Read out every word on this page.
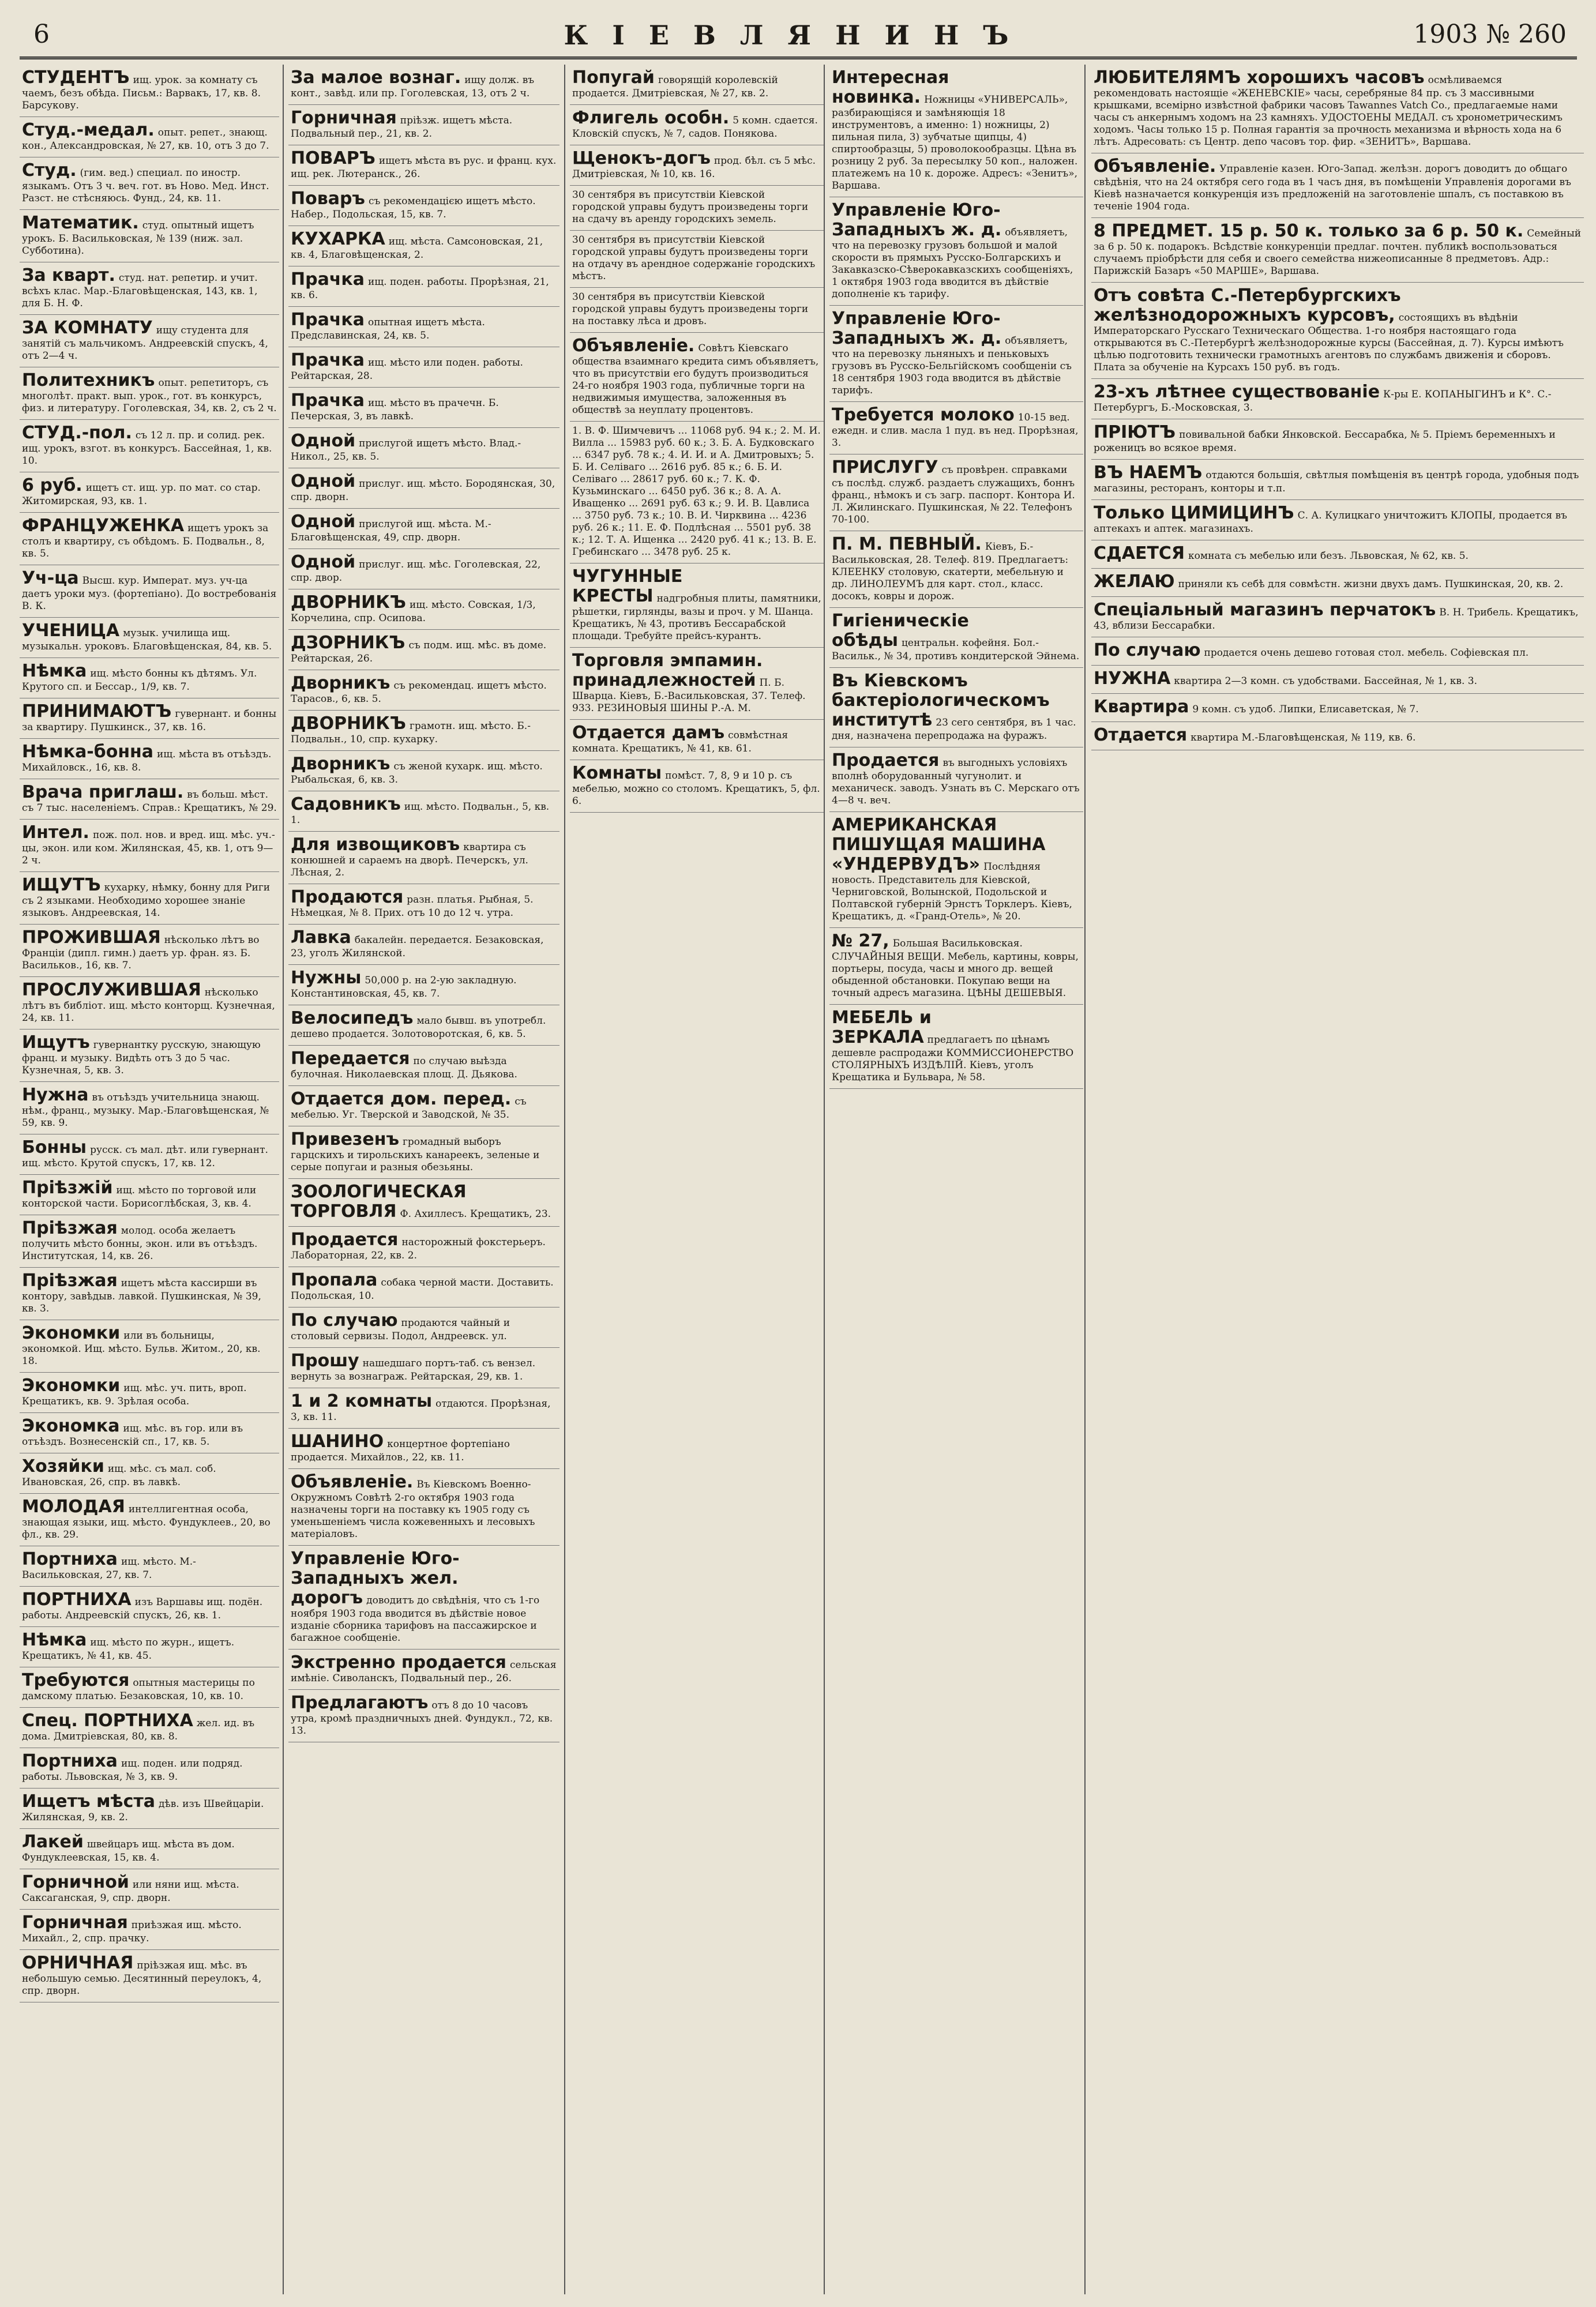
6	КІЕВЛЯНИНЪ	1903 № 260
СТУДЕНТЪ ищ. урок. за комнату съ чаемъ, безъ обѣда. Письм.: Варвакъ, 17, кв. 8. Барсукову.
Студ.-медал. опыт. репет., знающ. кон., Александровская, № 27, кв. 10, отъ 3 до 7.
Студ. (гим. вед.) специал. по иностр. языкамъ. Отъ 3 ч. веч. гот. въ Ново. Мед. Инст. Разст. не стѣсняюсь. Фунд., 24, кв. 11.
Математик. студ. опытный ищетъ урокъ. Б. Васильковская, № 139 (ниж. зал. Субботина).
За кварт. студ. нат. репетир. и учит. всѣхъ клас. Мар.-Благовѣщенская, 143, кв. 1, для Б. Н. Ф.
ЗА КОМНАТУ ищу студента для занятій съ мальчикомъ. Андреевскій спускъ, 4, отъ 2—4 ч.
Политехникъ опыт. репетиторъ, съ многолѣт. практ. вып. урок., гот. въ конкурсъ, физ. и литературу. Гоголевская, 34, кв. 2, съ 2 ч.
СТУД.-пол. съ 12 л. пр. и солид. рек. ищ. урокъ, взгот. въ конкурсъ. Бассейная, 1, кв. 10.
6 руб. ищетъ ст. ищ. ур. по мат. со стар. Житомирская, 93, кв. 1.
ФРАНЦУЖЕНКА ищетъ урокъ за столъ и квартиру, съ обѣдомъ. Б. Подвальн., 8, кв. 5.
Уч-ца Высш. кур. Императ. муз. уч-ца даетъ уроки муз. (фортепіано). До востребованія В. К.
УЧЕНИЦА музык. училища ищ. музыкальн. уроковъ. Благовѣщенская, 84, кв. 5.
Нѣмка ищ. мѣсто бонны къ дѣтямъ. Ул. Крутого сп. и Бессар., 1/9, кв. 7.
ПРИНИМАЮТЪ гувернант. и бонны за квартиру. Пушкинск., 37, кв. 16.
Нѣмка-бонна ищ. мѣста въ отъѣздъ. Михайловск., 16, кв. 8.
Врача приглаш. въ больш. мѣст. съ 7 тыс. населеніемъ. Справ.: Крещатикъ, № 29.
Интел. пож. пол. нов. и вред. ищ. мѣс. уч.-цы, экон. или ком. Жилянская, 45, кв. 1, отъ 9—2 ч.
ИЩУТЪ кухарку, нѣмку, боннy для Риги съ 2 языками. Необходимо хорошее знаніе языковъ. Андреевская, 14.
ПРОЖИВШАЯ нѣсколько лѣтъ во Франціи (дипл. гимн.) даетъ ур. фран. яз. Б. Васильков., 16, кв. 7.
ПРОСЛУЖИВШАЯ нѣсколько лѣтъ въ библіот. ищ. мѣсто конторщ. Кузнечная, 24, кв. 11.
Ищутъ гувернантку русскую, знающую франц. и музыку. Видѣть отъ 3 до 5 час. Кузнечная, 5, кв. 3.
Нужна въ отъѣздъ учительница знающ. нѣм., франц., музыку. Мар.-Благовѣщенская, № 59, кв. 9.
Бонны русск. съ мал. дѣт. или гувернант. ищ. мѣсто. Крутой спускъ, 17, кв. 12.
Пріѣзжій ищ. мѣсто по торговой или конторской части. Борисоглѣбская, 3, кв. 4.
Пріѣзжая молод. особа желаетъ получить мѣсто бонны, экон. или въ отъѣздъ. Институтская, 14, кв. 26.
Пріѣзжая ищетъ мѣста кассирши въ контору, завѣдыв. лавкой. Пушкинская, № 39, кв. 3.
Экономки или въ больницы, экономкой. Ищ. мѣсто. Бульв. Житом., 20, кв. 18.
Экономки ищ. мѣс. уч. пить, вроп. Крещатикъ, кв. 9. Зрѣлая особа.
Экономка ищ. мѣс. въ гор. или въ отъѣздъ. Вознесенскій сп., 17, кв. 5.
Хозяйки ищ. мѣс. съ мал. соб. Ивановская, 26, спр. въ лавкѣ.
МОЛОДАЯ интеллигентная особа, знающая языки, ищ. мѣсто. Фундуклеев., 20, во фл., кв. 29.
Портниха ищ. мѣсто. М.-Васильковская, 27, кв. 7.
ПОРТНИХА изъ Варшавы ищ. подён. работы. Андреевскій спускъ, 26, кв. 1.
Нѣмка ищ. мѣсто по журн., ищетъ. Крещатикъ, № 41, кв. 45.
Требуются опытныя мастерицы по дамскому платью. Безаковская, 10, кв. 10.
Спец. ПОРТНИХА жел. ид. въ дома. Дмитріевская, 80, кв. 8.
Портниха ищ. поден. или подряд. работы. Львовская, № 3, кв. 9.
Ищетъ мѣста дѣв. изъ Швейцаріи. Жилянская, 9, кв. 2.
Лакей швейцаръ ищ. мѣста въ дом. Фундуклеевская, 15, кв. 4.
Горничной или няни ищ. мѣста. Саксаганская, 9, спр. дворн.
Горничная приѣзжая ищ. мѣсто. Михайл., 2, спр. прачку.
ОРНИЧНАЯ пріѣзжая ищ. мѣс. въ небольшую семью. Десятинный переулокъ, 4, спр. дворн.
За малое вознаг. ищу долж. въ конт., завѣд. или пр. Гоголевская, 13, отъ 2 ч.
Горничная пріѣзж. ищетъ мѣста. Подвальный пер., 21, кв. 2.
ПОВАРЪ ищетъ мѣста въ рус. и франц. кух. ищ. рек. Лютеранск., 26.
Поваръ съ рекомендацією ищетъ мѣсто. Набер., Подольская, 15, кв. 7.
КУХАРКА ищ. мѣста. Самсоновская, 21, кв. 4, Благовѣщенская, 2.
Прачка ищ. поден. работы. Прорѣзная, 21, кв. 6.
Прачка опытная ищетъ мѣста. Предславинская, 24, кв. 5.
Прачка ищ. мѣсто или поден. работы. Рейтарская, 28.
Прачка ищ. мѣсто въ прачечн. Б. Печерская, 3, въ лавкѣ.
Одной прислугой ищетъ мѣсто. Влад.-Никол., 25, кв. 5.
Одной прислуг. ищ. мѣсто. Бородянская, 30, спр. дворн.
Одной прислугой ищ. мѣста. М.-Благовѣщенская, 49, спр. дворн.
Одной прислуг. ищ. мѣс. Гоголевская, 22, спр. двор.
ДВОРНИКЪ ищ. мѣсто. Совская, 1/3, Корчелина, спр. Осипова.
ДЗОРНИКЪ съ подм. ищ. мѣс. въ доме. Рейтарская, 26.
Дворникъ съ рекомендац. ищетъ мѣсто. Тарасов., 6, кв. 5.
ДВОРНИКЪ грамотн. ищ. мѣсто. Б.-Подвальн., 10, спр. кухарку.
Дворникъ съ женой кухарк. ищ. мѣсто. Рыбальская, 6, кв. 3.
Садовникъ ищ. мѣсто. Подвальн., 5, кв. 1.
Для извощиковъ квартира съ конюшней и сараемъ на дворѣ. Печерскъ, ул. Лѣсная, 2.
Продаются разн. платья. Рыбная, 5. Нѣмецкая, № 8. Прих. отъ 10 до 12 ч. утра.
Лавка бакалейн. передается. Безаковская, 23, уголъ Жилянской.
Нужны 50,000 р. на 2-ую закладную. Константиновская, 45, кв. 7.
Велосипедъ мало бывш. въ употребл. дешево продается. Золотоворотская, 6, кв. 5.
Передается по случаю выѣзда булочная. Николаевская площ. Д. Дьякова.
Отдается дом. перед. съ мебелью. Уг. Тверской и Заводской, № 35.
Привезенъ громадный выборъ гарцскихъ и тирольскихъ канареекъ, зеленые и серые попугаи и разныя обезьяны.
ЗООЛОГИЧЕСКАЯ ТОРГОВЛЯ Ф. Ахиллесъ. Крещатикъ, 23.
Продается насторожный фокстерьеръ. Лабораторная, 22, кв. 2.
Пропала собака черной масти. Доставить. Подольская, 10.
По случаю продаются чайный и столовый сервизы. Подол, Андреевск. ул.
Прошу нашедшаго портъ-таб. съ вензел. вернуть за вознаграж. Рейтарская, 29, кв. 1.
1 и 2 комнаты отдаются. Прорѣзная, 3, кв. 11.
ШАНИНО концертное фортепіано продается. Михайлов., 22, кв. 11.
Объявленіе. Въ Кіевскомъ Военно-Окружномъ Совѣтѣ 2-го октября 1903 года назначены торги на поставку къ 1905 году съ уменьшеніемъ числа кожевенныхъ и лесовыхъ матеріаловъ.
Управленіе Юго-Западныхъ жел. дорогъ доводитъ до свѣдѣнія, что съ 1-го ноября 1903 года вводится въ дѣйствіе новое изданіе сборника тарифовъ на пассажирское и багажное сообщеніе.
Экстренно продается сельская имѣніе. Сиволанскъ, Подвальный пер., 26.
Предлагаютъ отъ 8 до 10 часовъ утра, кромѣ праздничныхъ дней. Фундукл., 72, кв. 13.
Попугай говорящій королевскій продается. Дмитріевская, № 27, кв. 2.
Флигель особн. 5 комн. сдается. Кловскій спускъ, № 7, садов. Понякова.
Щенокъ-догъ прод. бѣл. съ 5 мѣс. Дмитріевская, № 10, кв. 16.
30 сентября въ присутствіи Кіевской городской управы будутъ произведены торги на сдачу въ аренду городскихъ земель.
30 сентября въ присутствіи Кіевской городской управы будутъ произведены торги на отдачу въ арендное содержаніе городскихъ мѣстъ.
30 сентября въ присутствіи Кіевской городской управы будутъ произведены торги на поставку лѣса и дровъ.
Объявленіе. Совѣтъ Кіевскаго общества взаимнаго кредита симъ объявляетъ, что въ присутствіи его будутъ производиться 24-го ноября 1903 года, публичные торги на недвижимыя имущества, заложенныя въ обществѣ за неуплату процентовъ.
1. В. Ф. Шимчевичъ ... 11068 руб. 94 к.; 2. М. И. Вилла ... 15983 руб. 60 к.; 3. Б. А. Будковскаго ... 6347 руб. 78 к.; 4. И. И. и А. Дмитровыхъ; 5. Б. И. Селіваго ... 2616 руб. 85 к.; 6. Б. И. Селіваго ... 28617 руб. 60 к.; 7. К. Ф. Кузьминскаго ... 6450 руб. 36 к.; 8. А. А. Иващенко ... 2691 руб. 63 к.; 9. И. В. Цавлиса ... 3750 руб. 73 к.; 10. В. И. Чирквина ... 4236 руб. 26 к.; 11. Е. Ф. Подлѣсная ... 5501 руб. 38 к.; 12. Т. А. Ищенка ... 2420 руб. 41 к.; 13. В. Е. Гребинскаго ... 3478 руб. 25 к.
ЧУГУННЫЕ КРЕСТЫ надгробныя плиты, памятники, рѣшетки, гирлянды, вазы и проч. у М. Шанца. Крещатикъ, № 43, противъ Бессарабской площади. Требуйте прейсъ-курантъ.
Торговля эмпамин. принадлежностей П. Б. Шварца. Кіевъ, Б.-Васильковская, 37. Телеф. 933. РЕЗИНОВЫЯ ШИНЫ Р.-А. М.
Отдается дамъ совмѣстная комната. Крещатикъ, № 41, кв. 61.
Комнаты помѣст. 7, 8, 9 и 10 р. съ мебелью, можно со столомъ. Крещатикъ, 5, фл. 6.
Интересная новинка. Ножницы «УНИВЕРСАЛЬ», разбирающіяся и замѣняющія 18 инструментовъ, а именно: 1) ножницы, 2) пильная пила, 3) зубчатые щипцы, 4) спиртообразцы, 5) проволокообразцы. Цѣна въ розницу 2 руб. За пересылку 50 коп., наложен. платежемъ на 10 к. дороже. Адресъ: «Зенитъ», Варшава.
Управленіе Юго-Западныхъ ж. д. объявляетъ, что на перевозку грузовъ большой и малой скорости въ прямыхъ Русско-Болгарскихъ и Закавказско-Сѣверокавказскихъ сообщеніяхъ, 1 октября 1903 года вводится въ дѣйствіе дополненіе къ тарифу.
Управленіе Юго-Западныхъ ж. д. объявляетъ, что на перевозку льняныхъ и пеньковыхъ грузовъ въ Русско-Бельгійскомъ сообщеніи съ 18 сентября 1903 года вводится въ дѣйствіе тарифъ.
Требуется молоко 10-15 вед. ежедн. и слив. масла 1 пуд. въ нед. Прорѣзная, 3.
ПРИСЛУГУ съ провѣрен. справками съ послѣд. служб. раздаетъ служащихъ, боннъ франц., нѣмокъ и съ загр. паспорт. Контора И. Л. Жилинскаго. Пушкинская, № 22. Телефонъ 70-100.
П. М. ПЕВНЫЙ. Кіевъ, Б.-Васильковская, 28. Телеф. 819. Предлагаетъ: КЛЕЕНКУ столовую, скатерти, мебельную и др. ЛИНОЛЕУМЪ для карт. стол., класс. досокъ, ковры и дорож.
Гигіеническіе обѣды центральн. кофейня. Бол.-Васильк., № 34, противъ кондитерской Эйнема.
Въ Кіевскомъ бактеріологическомъ институтѣ 23 сего сентября, въ 1 час. дня, назначена перепродажа на фуражъ.
Продается въ выгодныхъ условіяхъ вполнѣ оборудованный чугунолит. и механическ. заводъ. Узнать въ С. Мерскаго отъ 4—8 ч. веч.
АМЕРИКАНСКАЯ ПИШУЩАЯ МАШИНА «УНДЕРВУДЪ» Послѣдняя новость. Представитель для Кіевской, Черниговской, Волынской, Подольской и Полтавской губерній Эрнстъ Торклеръ. Кіевъ, Крещатикъ, д. «Гранд-Отель», № 20.
№ 27, Большая Васильковская. СЛУЧАЙНЫЯ ВЕЩИ. Мебель, картины, ковры, портьеры, посуда, часы и много др. вещей обыденной обстановки. Покупаю вещи на точный адресъ магазина. ЦѢНЫ ДЕШЕВЫЯ.
МЕБЕЛЬ и ЗЕРКАЛА предлагаетъ по цѣнамъ дешевле распродажи КОММИССИОНЕРСТВО СТОЛЯРНЫХЪ ИЗДѢЛІЙ. Кіевъ, уголъ Крещатика и Бульвара, № 58.
ЛЮБИТЕЛЯМЪ хорошихъ часовъ осмѣливаемся рекомендовать настоящіе «ЖЕНЕВСКІЕ» часы, серебряные 84 пр. съ 3 массивными крышками, всемірно извѣстной фабрики часовъ Tawannes Vatch Co., предлагаемые нами часы съ анкернымъ ходомъ на 23 камняхъ. УДОСТОЕНЫ МЕДАЛ. съ хронометрическимъ ходомъ. Часы только 15 р. Полная гарантія за прочность механизма и вѣрность хода на 6 лѣтъ. Адресовать: съ Центр. депо часовъ тор. фир. «ЗЕНИТЪ», Варшава.
Объявленіе. Управленіе казен. Юго-Запад. желѣзн. дорогъ доводитъ до общаго свѣдѣнія, что на 24 октября сего года въ 1 часъ дня, въ помѣщеніи Управленія дорогами въ Кіевѣ назначается конкуренція изъ предложеній на заготовленіе шпалъ, съ поставкою въ теченіе 1904 года.
8 ПРЕДМЕТ. 15 р. 50 к. только за 6 р. 50 к. Семейный за 6 р. 50 к. подарокъ. Всѣдствіе конкуренціи предлаг. почтен. публикѣ воспользоваться случаемъ пріобрѣсти для себя и своего семейства нижеописанные 8 предметовъ. Адр.: Парижскій Базаръ «50 МАРШЕ», Варшава.
Отъ совѣта С.-Петербургскихъ желѣзнодорожныхъ курсовъ, состоящихъ въ вѣдѣніи Императорскаго Русскаго Техническаго Общества. 1-го ноября настоящаго года открываются въ С.-Петербургѣ желѣзнодорожные курсы (Бассейная, д. 7). Курсы имѣютъ цѣлью подготовить технически грамотныхъ агентовъ по службамъ движенія и сборовъ. Плата за обученіе на Курсахъ 150 руб. въ годъ.
23-хъ лѣтнее существованіе К-ры Е. КОПАНЫГИНЪ и К°. С.-Петербургъ, Б.-Московская, 3.
ПРІЮТЪ повивальной бабки Янковской. Бессарабка, № 5. Пріемъ беременныхъ и роженицъ во всякое время.
ВЪ НАЕМЪ отдаются большія, свѣтлыя помѣщенія въ центрѣ города, удобныя подъ магазины, ресторанъ, конторы и т.п.
Только ЦИМИЦИНЪ С. А. Кулицкаго уничтожитъ КЛОПЫ, продается въ аптекахъ и аптек. магазинахъ.
СДАЕТСЯ комната съ мебелью или безъ. Львовская, № 62, кв. 5.
ЖЕЛАЮ приняли къ себѣ для совмѣстн. жизни двухъ дамъ. Пушкинская, 20, кв. 2.
Спеціальный магазинъ перчатокъ В. Н. Трибель. Крещатикъ, 43, вблизи Бессарабки.
По случаю продается очень дешево готовая стол. мебель. Софіевская пл.
НУЖНА квартира 2—3 комн. съ удобствами. Бассейная, № 1, кв. 3.
Квартира 9 комн. съ удоб. Липки, Елисаветская, № 7.
Отдается квартира М.-Благовѣщенская, № 119, кв. 6.
